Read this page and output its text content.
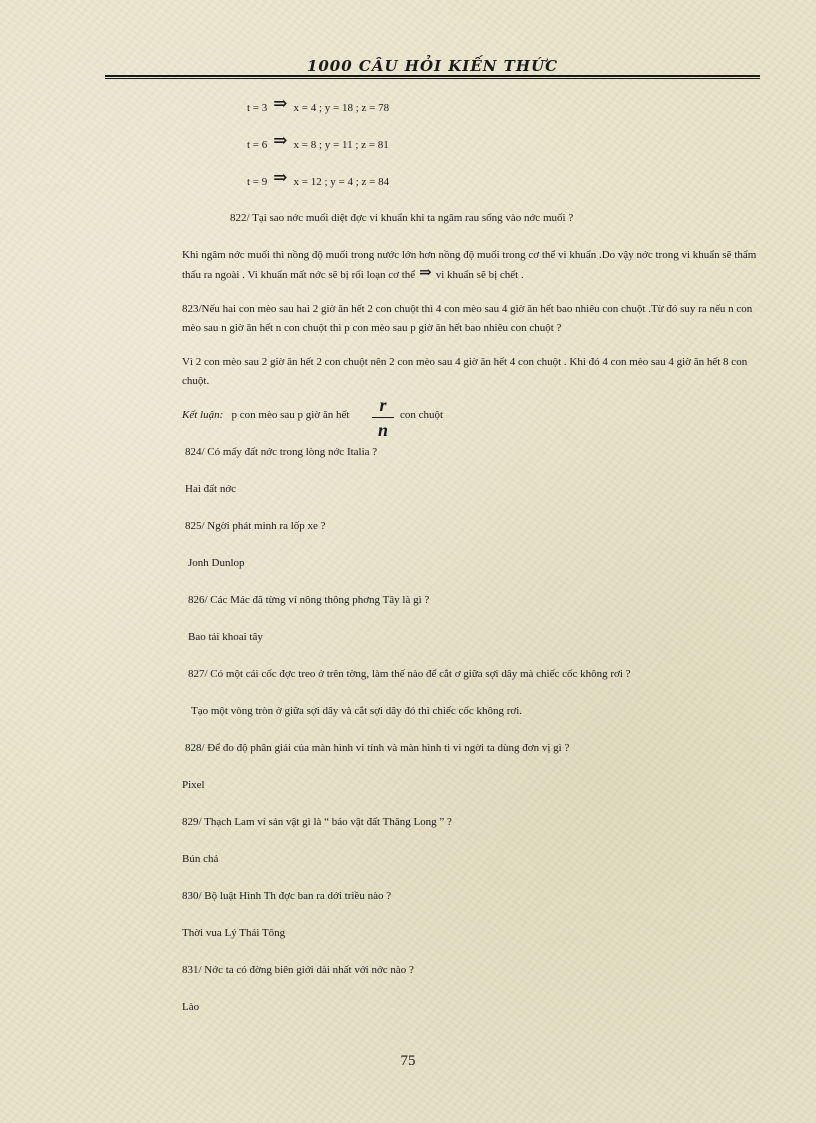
1000 CÂU HỎI KIẾN THỨC
t = 3 ⇒ x = 4 ; y = 18 ; z = 78
t = 6 ⇒ x = 8 ; y = 11 ; z = 81
t = 9 ⇒ x = 12 ; y = 4 ; z = 84
822/ Tại sao nớc muối diệt đợc vi khuẩn khi ta ngâm rau sống vào nớc muối ?
Khi ngâm nớc muối thì nồng độ muối trong nước lớn hơn nồng độ muối trong cơ thể vi khuẩn .Do vậy nớc trong vi khuẩn sẽ thẩm thấu ra ngoài . Vi khuẩn mất nớc sẽ bị rối loạn cơ thể ⇒ vi khuẩn sẽ bị chết .
823/Nếu hai con mèo sau hai 2 giờ ăn hết 2 con chuột thì 4 con mèo sau 4 giờ ăn hết bao nhiêu con chuột .Từ đó suy ra nếu n con mèo sau n giờ ăn hết n con chuột thì p con mèo sau p giờ ăn hết bao nhiêu con chuột ?
Vì 2 con mèo sau 2 giờ ăn hết 2 con chuột nên 2 con mèo sau 4 giờ ăn hết 4 con chuột . Khi đó 4 con mèo sau 4 giờ ăn hết 8 con chuột.
Kết luận: p con mèo sau p giờ ăn hết	r
n
con chuột
824/ Có mấy đất nớc trong lòng nớc Italia ?
Hai đất nớc
825/ Ngời phát minh ra lốp xe ?
Jonh Dunlop
826/ Các Mác đã từng ví nông thông phơng Tây là gì ?
Bao tải khoai tây
827/ Có một cái cốc đợc treo ở trên tờng, làm thế nào để cắt ơ giữa sợi dây mà chiếc cốc không rơi ?
Tạo một vòng tròn ở giữa sợi dây và cắt sợi dây đó thì chiếc cốc không rơi.
828/ Để đo độ phân giải của màn hình vi tính và màn hình ti vi ngời ta dùng đơn vị gì ?
Pixel
829/ Thạch Lam ví sản vật gì là “ bảo vật đất Thăng Long ” ?
Bún chả
830/ Bộ luật Hình Th đợc ban ra dới triều nào ?
Thời vua Lý Thái Tông
831/ Nớc ta có đờng biên giới dài nhất với nớc nào ?
Lào
75
